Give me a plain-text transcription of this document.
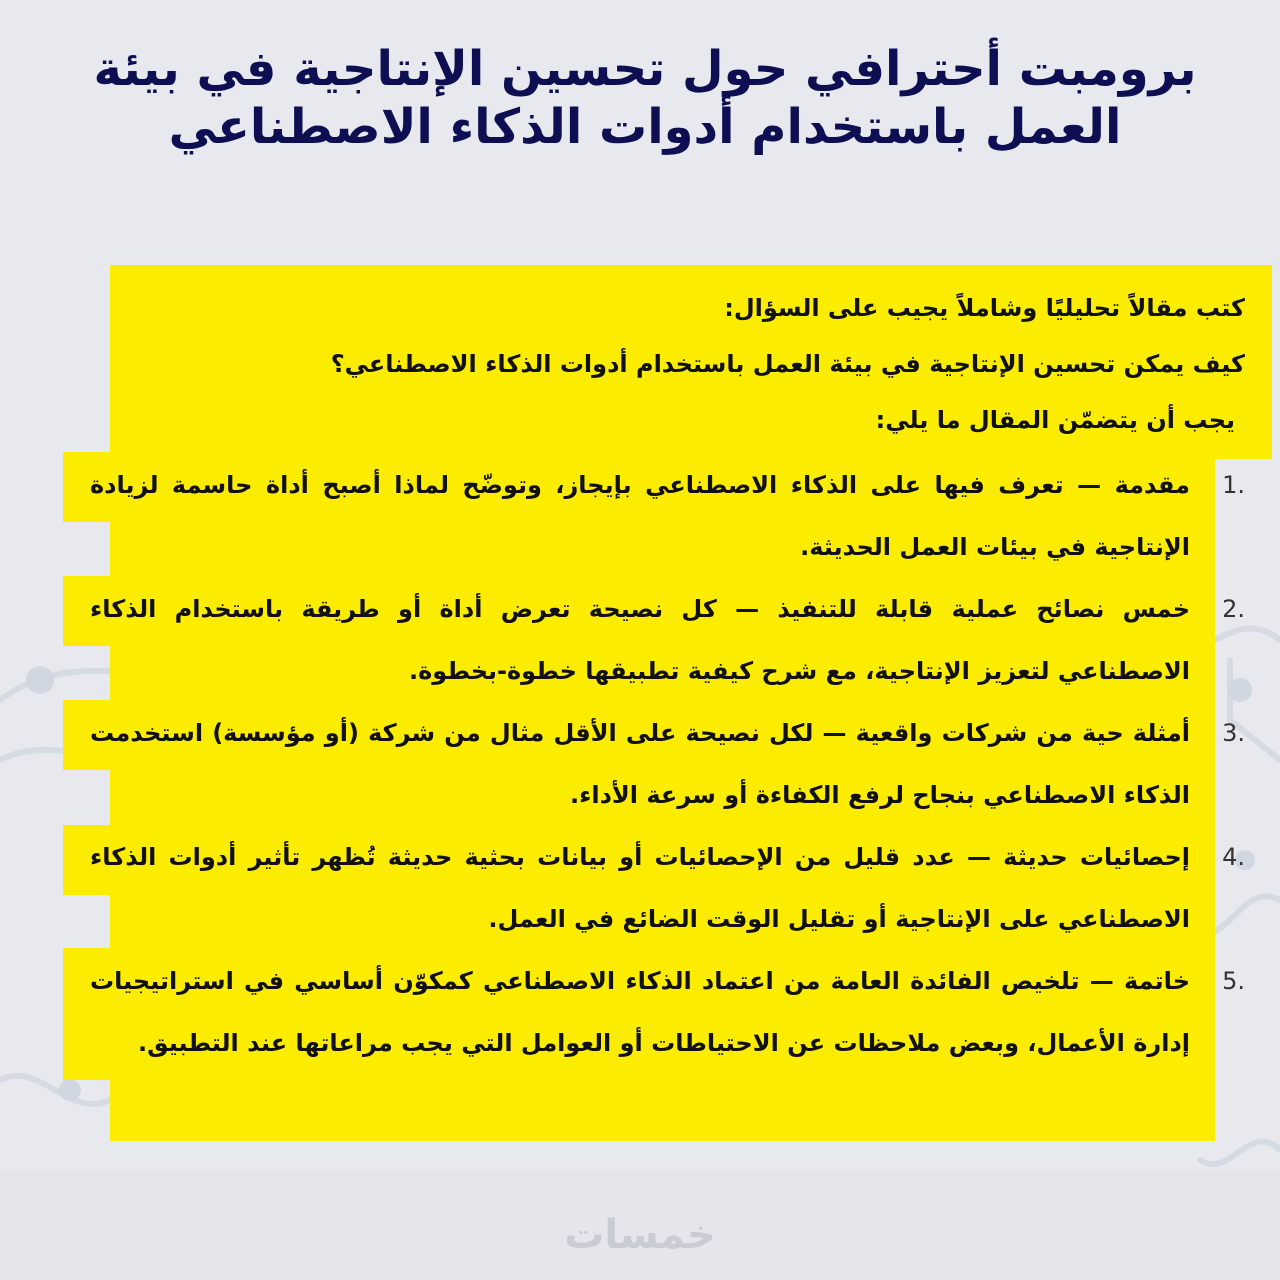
برومبت أحترافي حول تحسين الإنتاجية في بيئة
العمل باستخدام أدوات الذكاء الاصطناعي
كتب مقالاً تحليليًا وشاملاً يجيب على السؤال:
كيف يمكن تحسين الإنتاجية في بيئة العمل باستخدام أدوات الذكاء الاصطناعي؟
يجب أن يتضمّن المقال ما يلي:
1.
مقدمة — تعرف فيها على الذكاء الاصطناعي بإيجاز، وتوضّح لماذا أصبح أداة حاسمة لزيادة الإنتاجية في بيئات العمل الحديثة.
2.
خمس نصائح عملية قابلة للتنفيذ — كل نصيحة تعرض أداة أو طريقة باستخدام الذكاء الاصطناعي لتعزيز الإنتاجية، مع شرح كيفية تطبيقها خطوة-بخطوة.
3.
أمثلة حية من شركات واقعية — لكل نصيحة على الأقل مثال من شركة (أو مؤسسة) استخدمت الذكاء الاصطناعي بنجاح لرفع الكفاءة أو سرعة الأداء.
4.
إحصائيات حديثة — عدد قليل من الإحصائيات أو بيانات بحثية حديثة تُظهر تأثير أدوات الذكاء الاصطناعي على الإنتاجية أو تقليل الوقت الضائع في العمل.
5.
خاتمة — تلخيص الفائدة العامة من اعتماد الذكاء الاصطناعي كمكوّن أساسي في استراتيجيات إدارة الأعمال، وبعض ملاحظات عن الاحتياطات أو العوامل التي يجب مراعاتها عند التطبيق.
خمسات
